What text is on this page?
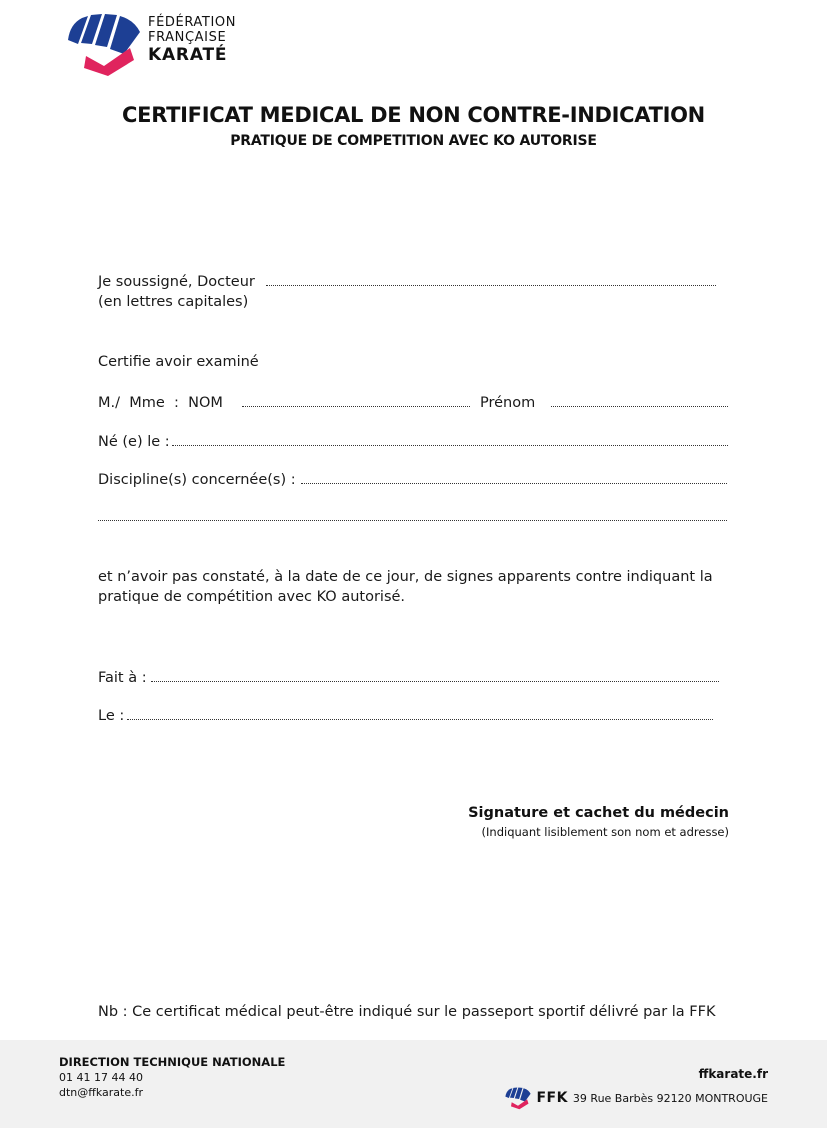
FÉDÉRATION
FRANÇAISE
KARATÉ
CERTIFICAT MEDICAL DE NON CONTRE-INDICATION
PRATIQUE DE COMPETITION AVEC KO AUTORISE
Je soussigné, Docteur
(en lettres capitales)
Certifie avoir examiné
M./  Mme  :  NOM	Prénom
Né (e) le :
Discipline(s) concernée(s) :
et n’avoir pas constaté, à la date de ce jour, de signes apparents contre indiquant la
pratique de compétition avec KO autorisé.
Fait à :
Le :
Signature et cachet du médecin
(Indiquant lisiblement son nom et adresse)
Nb : Ce certificat médical peut-être indiqué sur le passeport sportif délivré par la FFK
DIRECTION TECHNIQUE NATIONALE
01 41 17 44 40
dtn@ffkarate.fr
ffkarate.fr
FFK 39 Rue Barbès 92120 MONTROUGE
